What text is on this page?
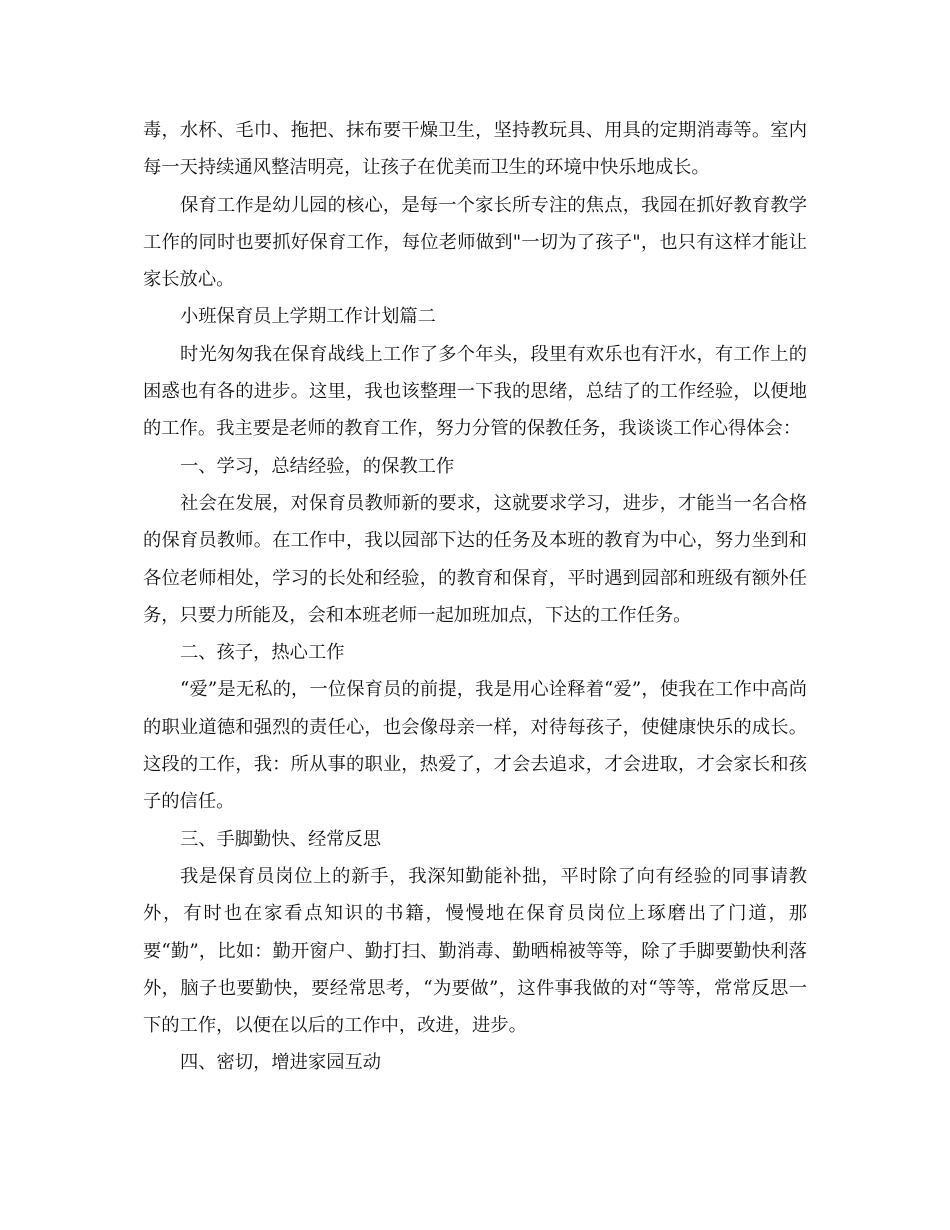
毒，水杯、毛巾、拖把、抹布要干燥卫生，坚持教玩具、用具的定期消毒等。室内每一天持续通风整洁明亮，让孩子在优美而卫生的环境中快乐地成长。

保育工作是幼儿园的核心，是每一个家长所专注的焦点，我园在抓好教育教学工作的同时也要抓好保育工作，每位老师做到"一切为了孩子"，也只有这样才能让家长放心。

小班保育员上学期工作计划篇二

时光匆匆我在保育战线上工作了多个年头，段里有欢乐也有汗水，有工作上的困惑也有各的进步。这里，我也该整理一下我的思绪，总结了的工作经验，以便地的工作。我主要是老师的教育工作，努力分管的保教任务，我谈谈工作心得体会：

一、学习，总结经验，的保教工作

社会在发展，对保育员教师新的要求，这就要求学习，进步，才能当一名合格的保育员教师。在工作中，我以园部下达的任务及本班的教育为中心，努力坐到和各位老师相处，学习的长处和经验，的教育和保育，平时遇到园部和班级有额外任务，只要力所能及，会和本班老师一起加班加点，下达的工作任务。

二、孩子，热心工作

“爱”是无私的，一位保育员的前提，我是用心诠释着“爱”，使我在工作中高尚的职业道德和强烈的责任心，也会像母亲一样，对待每孩子，使健康快乐的成长。这段的工作，我：所从事的职业，热爱了，才会去追求，才会进取，才会家长和孩子的信任。

三、手脚勤快、经常反思

我是保育员岗位上的新手，我深知勤能补拙，平时除了向有经验的同事请教外，有时也在家看点知识的书籍，慢慢地在保育员岗位上琢磨出了门道，那要“勤”，比如：勤开窗户、勤打扫、勤消毒、勤晒棉被等等，除了手脚要勤快利落外，脑子也要勤快，要经常思考，“为要做”，这件事我做的对“等等，常常反思一下的工作，以便在以后的工作中，改进，进步。

四、密切，增进家园互动
